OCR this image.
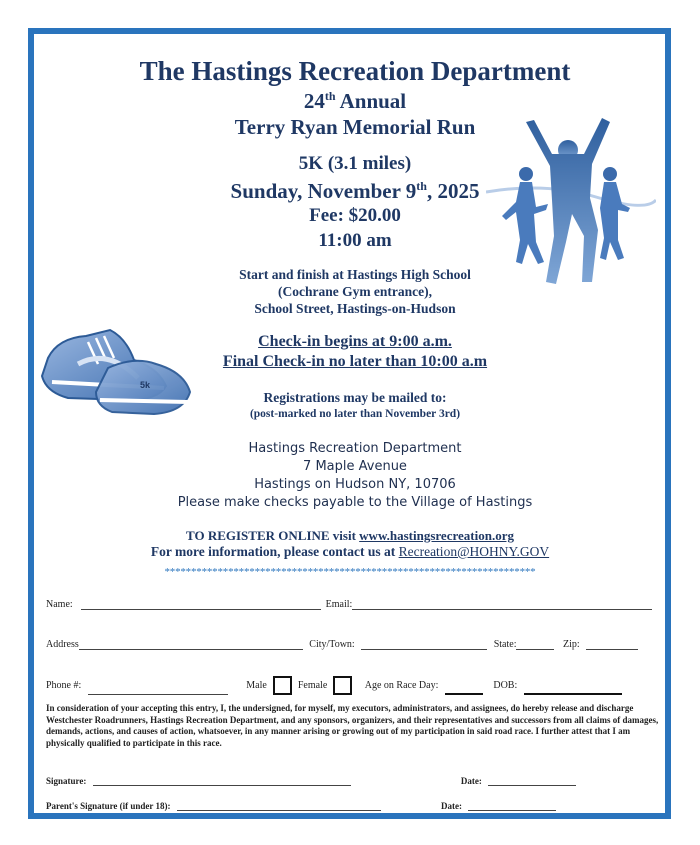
The Hastings Recreation Department
24th Annual
Terry Ryan Memorial Run
5K (3.1 miles)
Sunday, November 9th, 2025
Fee: $20.00
11:00 am
Start and finish at Hastings High School
(Cochrane Gym entrance),
School Street, Hastings-on-Hudson
Check-in begins at 9:00 a.m.
Final Check-in no later than 10:00 a.m
Registrations may be mailed to:
(post-marked no later than November 3rd)
Hastings Recreation Department
7 Maple Avenue
Hastings on Hudson NY, 10706
Please make checks payable to the Village of Hastings
TO REGISTER ONLINE visit www.hastingsrecreation.org
For more information, please contact us at Recreation@HOHNY.GOV
**********************************************************************
5k
Name:	Email:
Address	City/Town:	State:	Zip:
Phone #:	Male	Female	Age on Race Day:	DOB:
In consideration of your accepting this entry, I, the undersigned, for myself, my executors, administrators, and assignees, do hereby release and discharge Westchester Roadrunners, Hastings Recreation Department, and any sponsors, organizers, and their representatives and successors from all claims of damages, demands, actions, and causes of action, whatsoever, in any manner arising or growing out of my participation in said road race. I further attest that I am physically qualified to participate in this race.
Signature:	Date:
Parent's Signature (if under 18):	Date:
